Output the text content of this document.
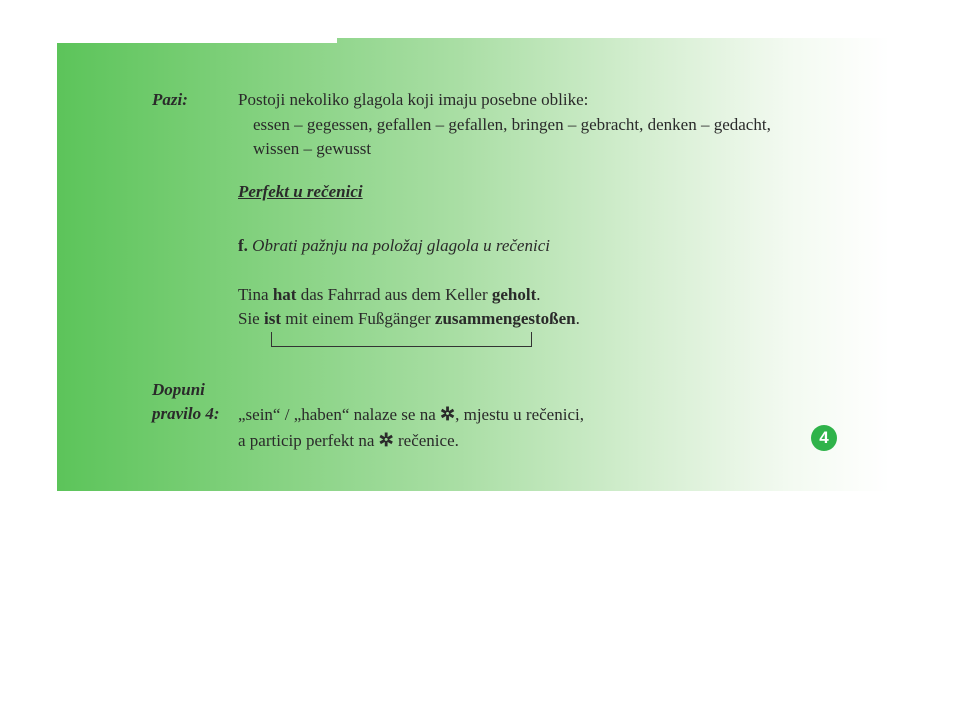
Pazi:	Postoji nekoliko glagola koji imaju posebne oblike:
essen – gegessen, gefallen – gefallen, bringen – gebracht, denken – gedacht,
wissen – gewusst
Perfekt u rečenici
f. Obrati pažnju na položaj glagola u rečenici
Tina hat das Fahrrad aus dem Keller geholt.
Sie ist mit einem Fußgänger zusammengestoßen.
Dopuni
pravilo 4: „sein“ / „haben“ nalaze se na ✲, mjestu u rečenici,
a particip perfekt na ✲ rečenice.	4
